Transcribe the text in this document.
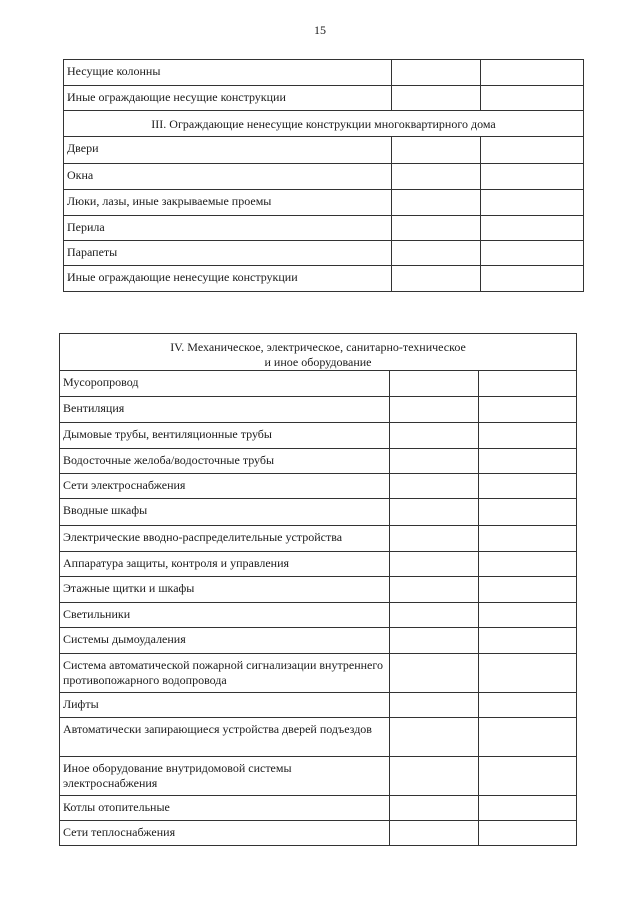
15
Несущие колонны
Иные ограждающие несущие конструкции
III. Ограждающие ненесущие конструкции многоквартирного дома
Двери
Окна
Люки, лазы, иные закрываемые проемы
Перила
Парапеты
Иные ограждающие ненесущие конструкции
IV. Механическое, электрическое, санитарно-техническое
и иное оборудование
Мусоропровод
Вентиляция
Дымовые трубы, вентиляционные трубы
Водосточные желоба/водосточные трубы
Сети электроснабжения
Вводные шкафы
Электрические вводно-распределительные устройства
Аппаратура защиты, контроля и управления
Этажные щитки и шкафы
Светильники
Системы дымоудаления
Система автоматической пожарной сигнализации внутреннего противопожарного водопровода
Лифты
Автоматически запирающиеся устройства дверей подъездов
Иное оборудование внутридомовой системы электроснабжения
Котлы отопительные
Сети теплоснабжения
